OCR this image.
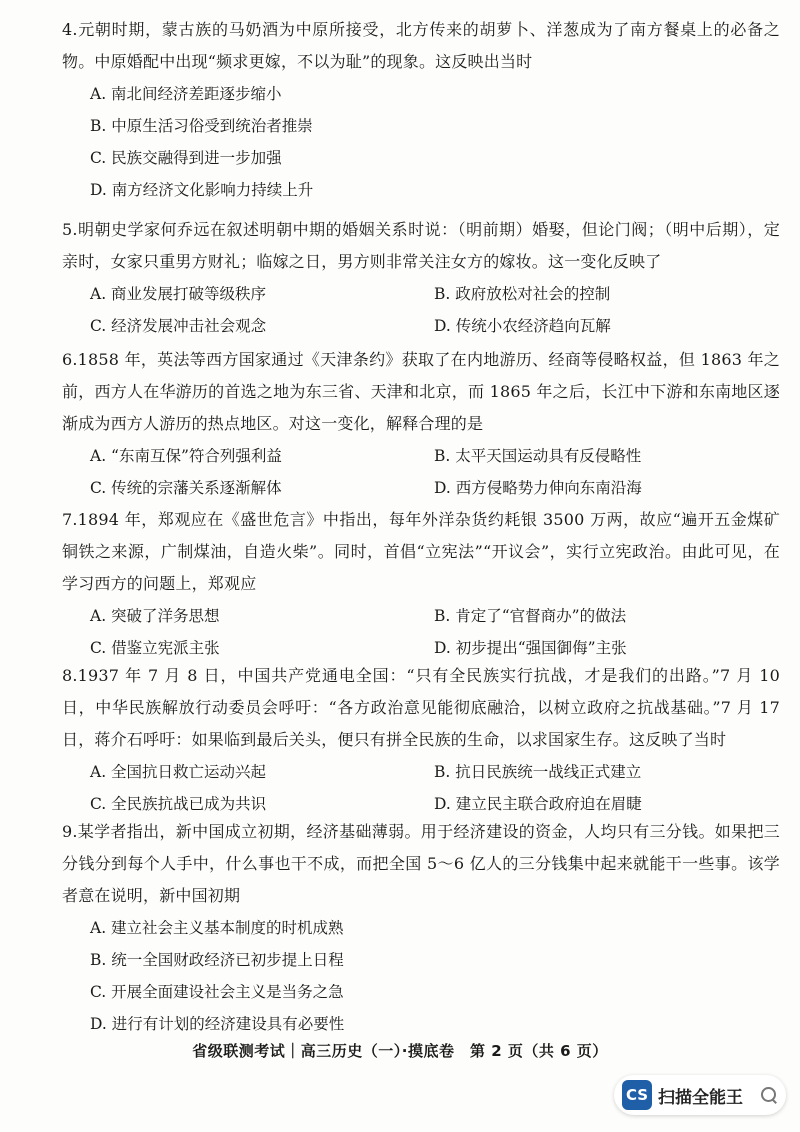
4.元朝时期，蒙古族的马奶酒为中原所接受，北方传来的胡萝卜、洋葱成为了南方餐桌上的必备之物。中原婚配中出现“频求更嫁，不以为耻”的现象。这反映出当时
A. 南北间经济差距逐步缩小
B. 中原生活习俗受到统治者推崇
C. 民族交融得到进一步加强
D. 南方经济文化影响力持续上升
5.明朝史学家何乔远在叙述明朝中期的婚姻关系时说：（明前期）婚娶，但论门阀；（明中后期），定亲时，女家只重男方财礼；临嫁之日，男方则非常关注女方的嫁妆。这一变化反映了
A. 商业发展打破等级秩序	B. 政府放松对社会的控制
C. 经济发展冲击社会观念	D. 传统小农经济趋向瓦解
6.1858 年，英法等西方国家通过《天津条约》获取了在内地游历、经商等侵略权益，但 1863 年之前，西方人在华游历的首选之地为东三省、天津和北京，而 1865 年之后，长江中下游和东南地区逐渐成为西方人游历的热点地区。对这一变化，解释合理的是
A. “东南互保”符合列强利益	B. 太平天国运动具有反侵略性
C. 传统的宗藩关系逐渐解体	D. 西方侵略势力伸向东南沿海
7.1894 年，郑观应在《盛世危言》中指出，每年外洋杂货约耗银 3500 万两，故应“遍开五金煤矿铜铁之来源，广制煤油，自造火柴”。同时，首倡“立宪法”“开议会”，实行立宪政治。由此可见，在学习西方的问题上，郑观应
A. 突破了洋务思想	B. 肯定了“官督商办”的做法
C. 借鉴立宪派主张	D. 初步提出“强国御侮”主张
8.1937 年 7 月 8 日，中国共产党通电全国：“只有全民族实行抗战，才是我们的出路。”7 月 10 日，中华民族解放行动委员会呼吁：“各方政治意见能彻底融洽，以树立政府之抗战基础。”7 月 17 日，蒋介石呼吁：如果临到最后关头，便只有拼全民族的生命，以求国家生存。这反映了当时
A. 全国抗日救亡运动兴起	B. 抗日民族统一战线正式建立
C. 全民族抗战已成为共识	D. 建立民主联合政府迫在眉睫
9.某学者指出，新中国成立初期，经济基础薄弱。用于经济建设的资金，人均只有三分钱。如果把三分钱分到每个人手中，什么事也干不成，而把全国 5～6 亿人的三分钱集中起来就能干一些事。该学者意在说明，新中国初期
A. 建立社会主义基本制度的时机成熟
B. 统一全国财政经济已初步提上日程
C. 开展全面建设社会主义是当务之急
D. 进行有计划的经济建设具有必要性
省级联测考试｜高三历史（一）·摸底卷　第 2 页（共 6 页）
CS 扫描全能王
